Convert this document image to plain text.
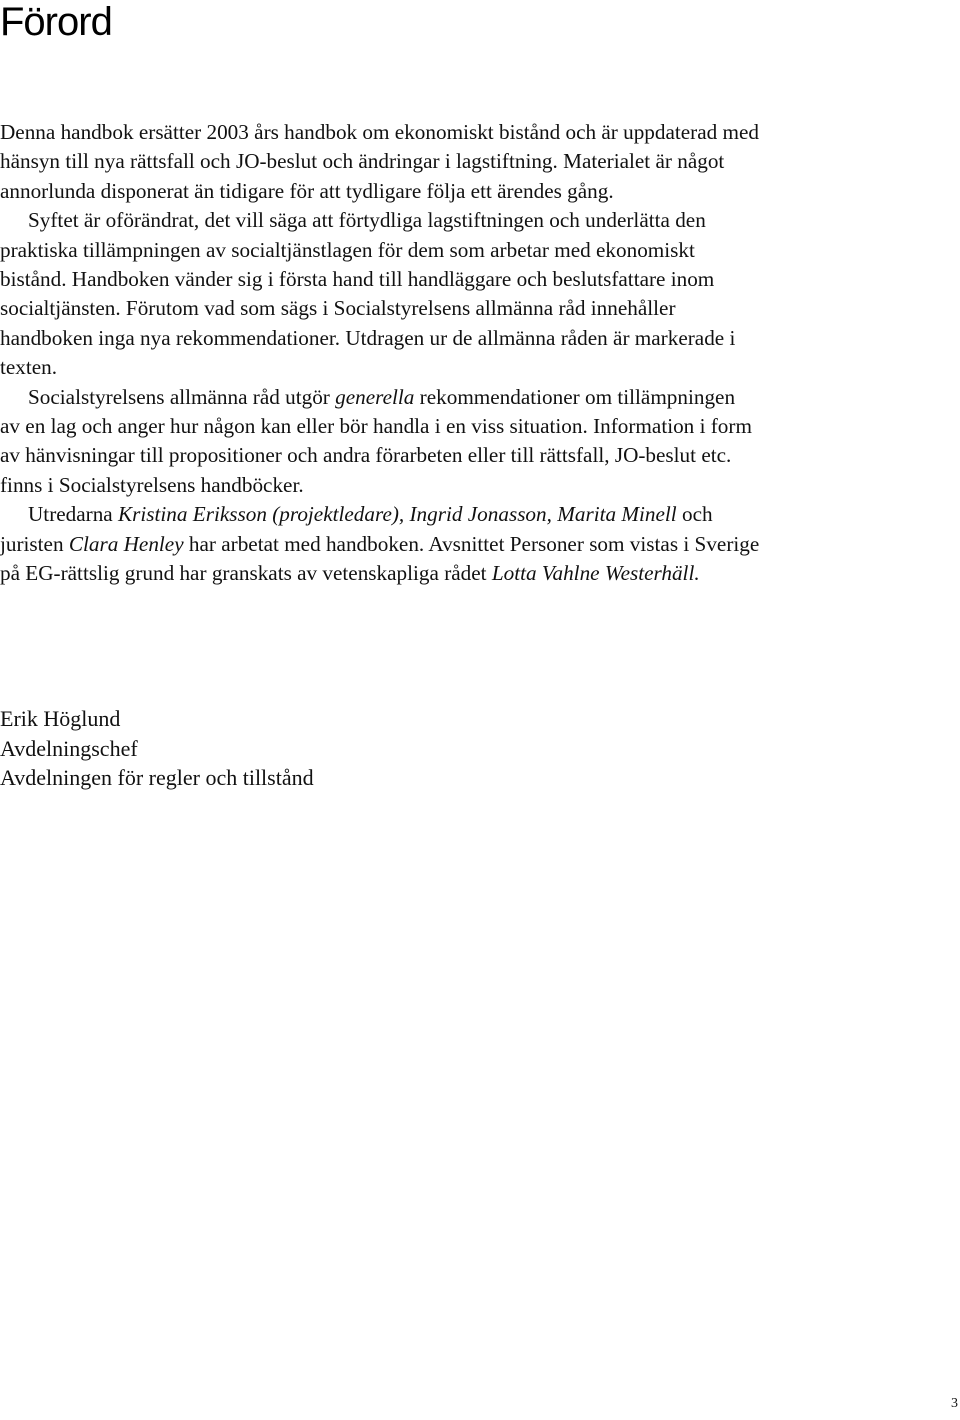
Förord

Denna handbok ersätter 2003 års handbok om ekonomiskt bistånd och är uppdaterad med hänsyn till nya rättsfall och JO-beslut och ändringar i lagstiftning. Materialet är något annorlunda disponerat än tidigare för att tydligare följa ett ärendes gång.

Syftet är oförändrat, det vill säga att förtydliga lagstiftningen och underlätta den praktiska tillämpningen av socialtjänstlagen för dem som arbetar med ekonomiskt bistånd. Handboken vänder sig i första hand till handläggare och beslutsfattare inom socialtjänsten. Förutom vad som sägs i Socialstyrelsens allmänna råd innehåller handboken inga nya rekommendationer. Utdragen ur de allmänna råden är markerade i texten.

Socialstyrelsens allmänna råd utgör generella rekommendationer om tillämpningen av en lag och anger hur någon kan eller bör handla i en viss situation. Information i form av hänvisningar till propositioner och andra förarbeten eller till rättsfall, JO-beslut etc. finns i Socialstyrelsens handböcker.

Utredarna Kristina Eriksson (projektledare), Ingrid Jonasson, Marita Minell och juristen Clara Henley har arbetat med handboken. Avsnittet Personer som vistas i Sverige på EG-rättslig grund har granskats av vetenskapliga rådet Lotta Vahlne Westerhäll.

Erik Höglund
Avdelningschef
Avdelningen för regler och tillstånd
3
